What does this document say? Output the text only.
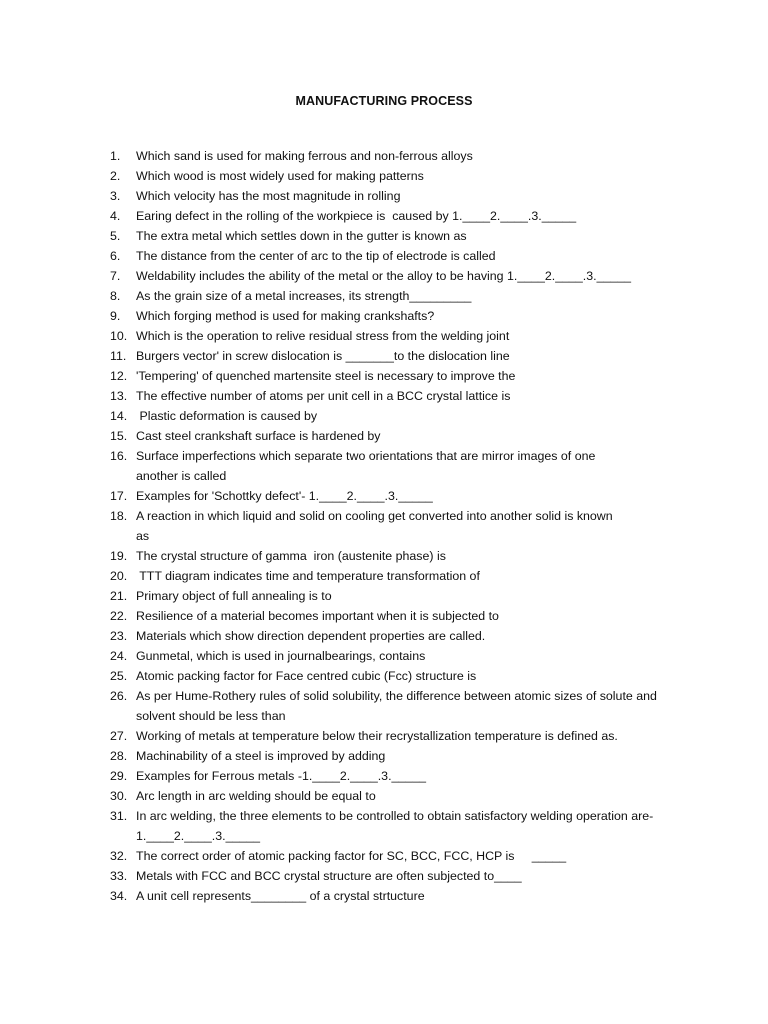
MANUFACTURING PROCESS
1.	Which sand is used for making ferrous and non-ferrous alloys
2.	Which wood is most widely used for making patterns
3.	Which velocity has the most magnitude in rolling
4.	Earing defect in the rolling of the workpiece is  caused by 1.____2.____.3._____
5.	The extra metal which settles down in the gutter is known as
6.	The distance from the center of arc to the tip of electrode is called
7.	Weldability includes the ability of the metal or the alloy to be having 1.____2.____.3._____
8.	As the grain size of a metal increases, its strength_________
9.	Which forging method is used for making crankshafts?
10. Which is the operation to relive residual stress from the welding joint
11. Burgers vector' in screw dislocation is _______to the dislocation line
12. 'Tempering' of quenched martensite steel is necessary to improve the
13. The effective number of atoms per unit cell in a BCC crystal lattice is
14. Plastic deformation is caused by
15. Cast steel crankshaft surface is hardened by
16. Surface imperfections which separate two orientations that are mirror images of one
another is called
17. Examples for 'Schottky defect'- 1.____2.____.3._____
18. A reaction in which liquid and solid on cooling get converted into another solid is known
as
19. The crystal structure of gamma  iron (austenite phase) is
20. TTT diagram indicates time and temperature transformation of
21. Primary object of full annealing is to
22. Resilience of a material becomes important when it is subjected to
23. Materials which show direction dependent properties are called.
24. Gunmetal, which is used in journalbearings, contains
25. Atomic packing factor for Face centred cubic (Fcc) structure is
26. As per Hume-Rothery rules of solid solubility, the difference between atomic sizes of solute and
solvent should be less than
27. Working of metals at temperature below their recrystallization temperature is defined as.
28. Machinability of a steel is improved by adding
29. Examples for Ferrous metals -1.____2.____.3._____
30. Arc length in arc welding should be equal to
31. In arc welding, the three elements to be controlled to obtain satisfactory welding operation are-
1.____2.____.3._____
32. The correct order of atomic packing factor for SC, BCC, FCC, HCP is     _____
33. Metals with FCC and BCC crystal structure are often subjected to____
34. A unit cell represents________ of a crystal strtucture
